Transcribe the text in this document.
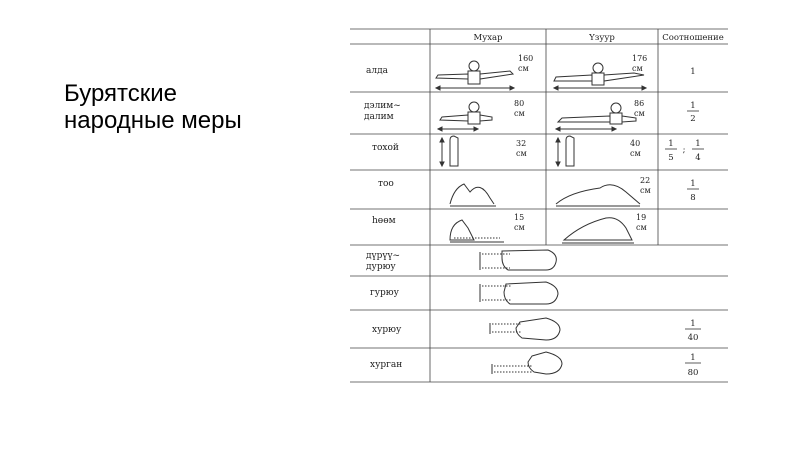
Бурятские
народные меры
Мухар	Үзуур	Соотношение
алда
дэлим~
далим
тохой
тоо
һөөм
дүрүү~
дурюу
гурюу
хурюу
хурган
160
см
80
см
32
см
15
см
176
см
86
см
40
см
22
см
19
см
1
1
2
1
5
;
1
4
1
8
1
40
1
80
